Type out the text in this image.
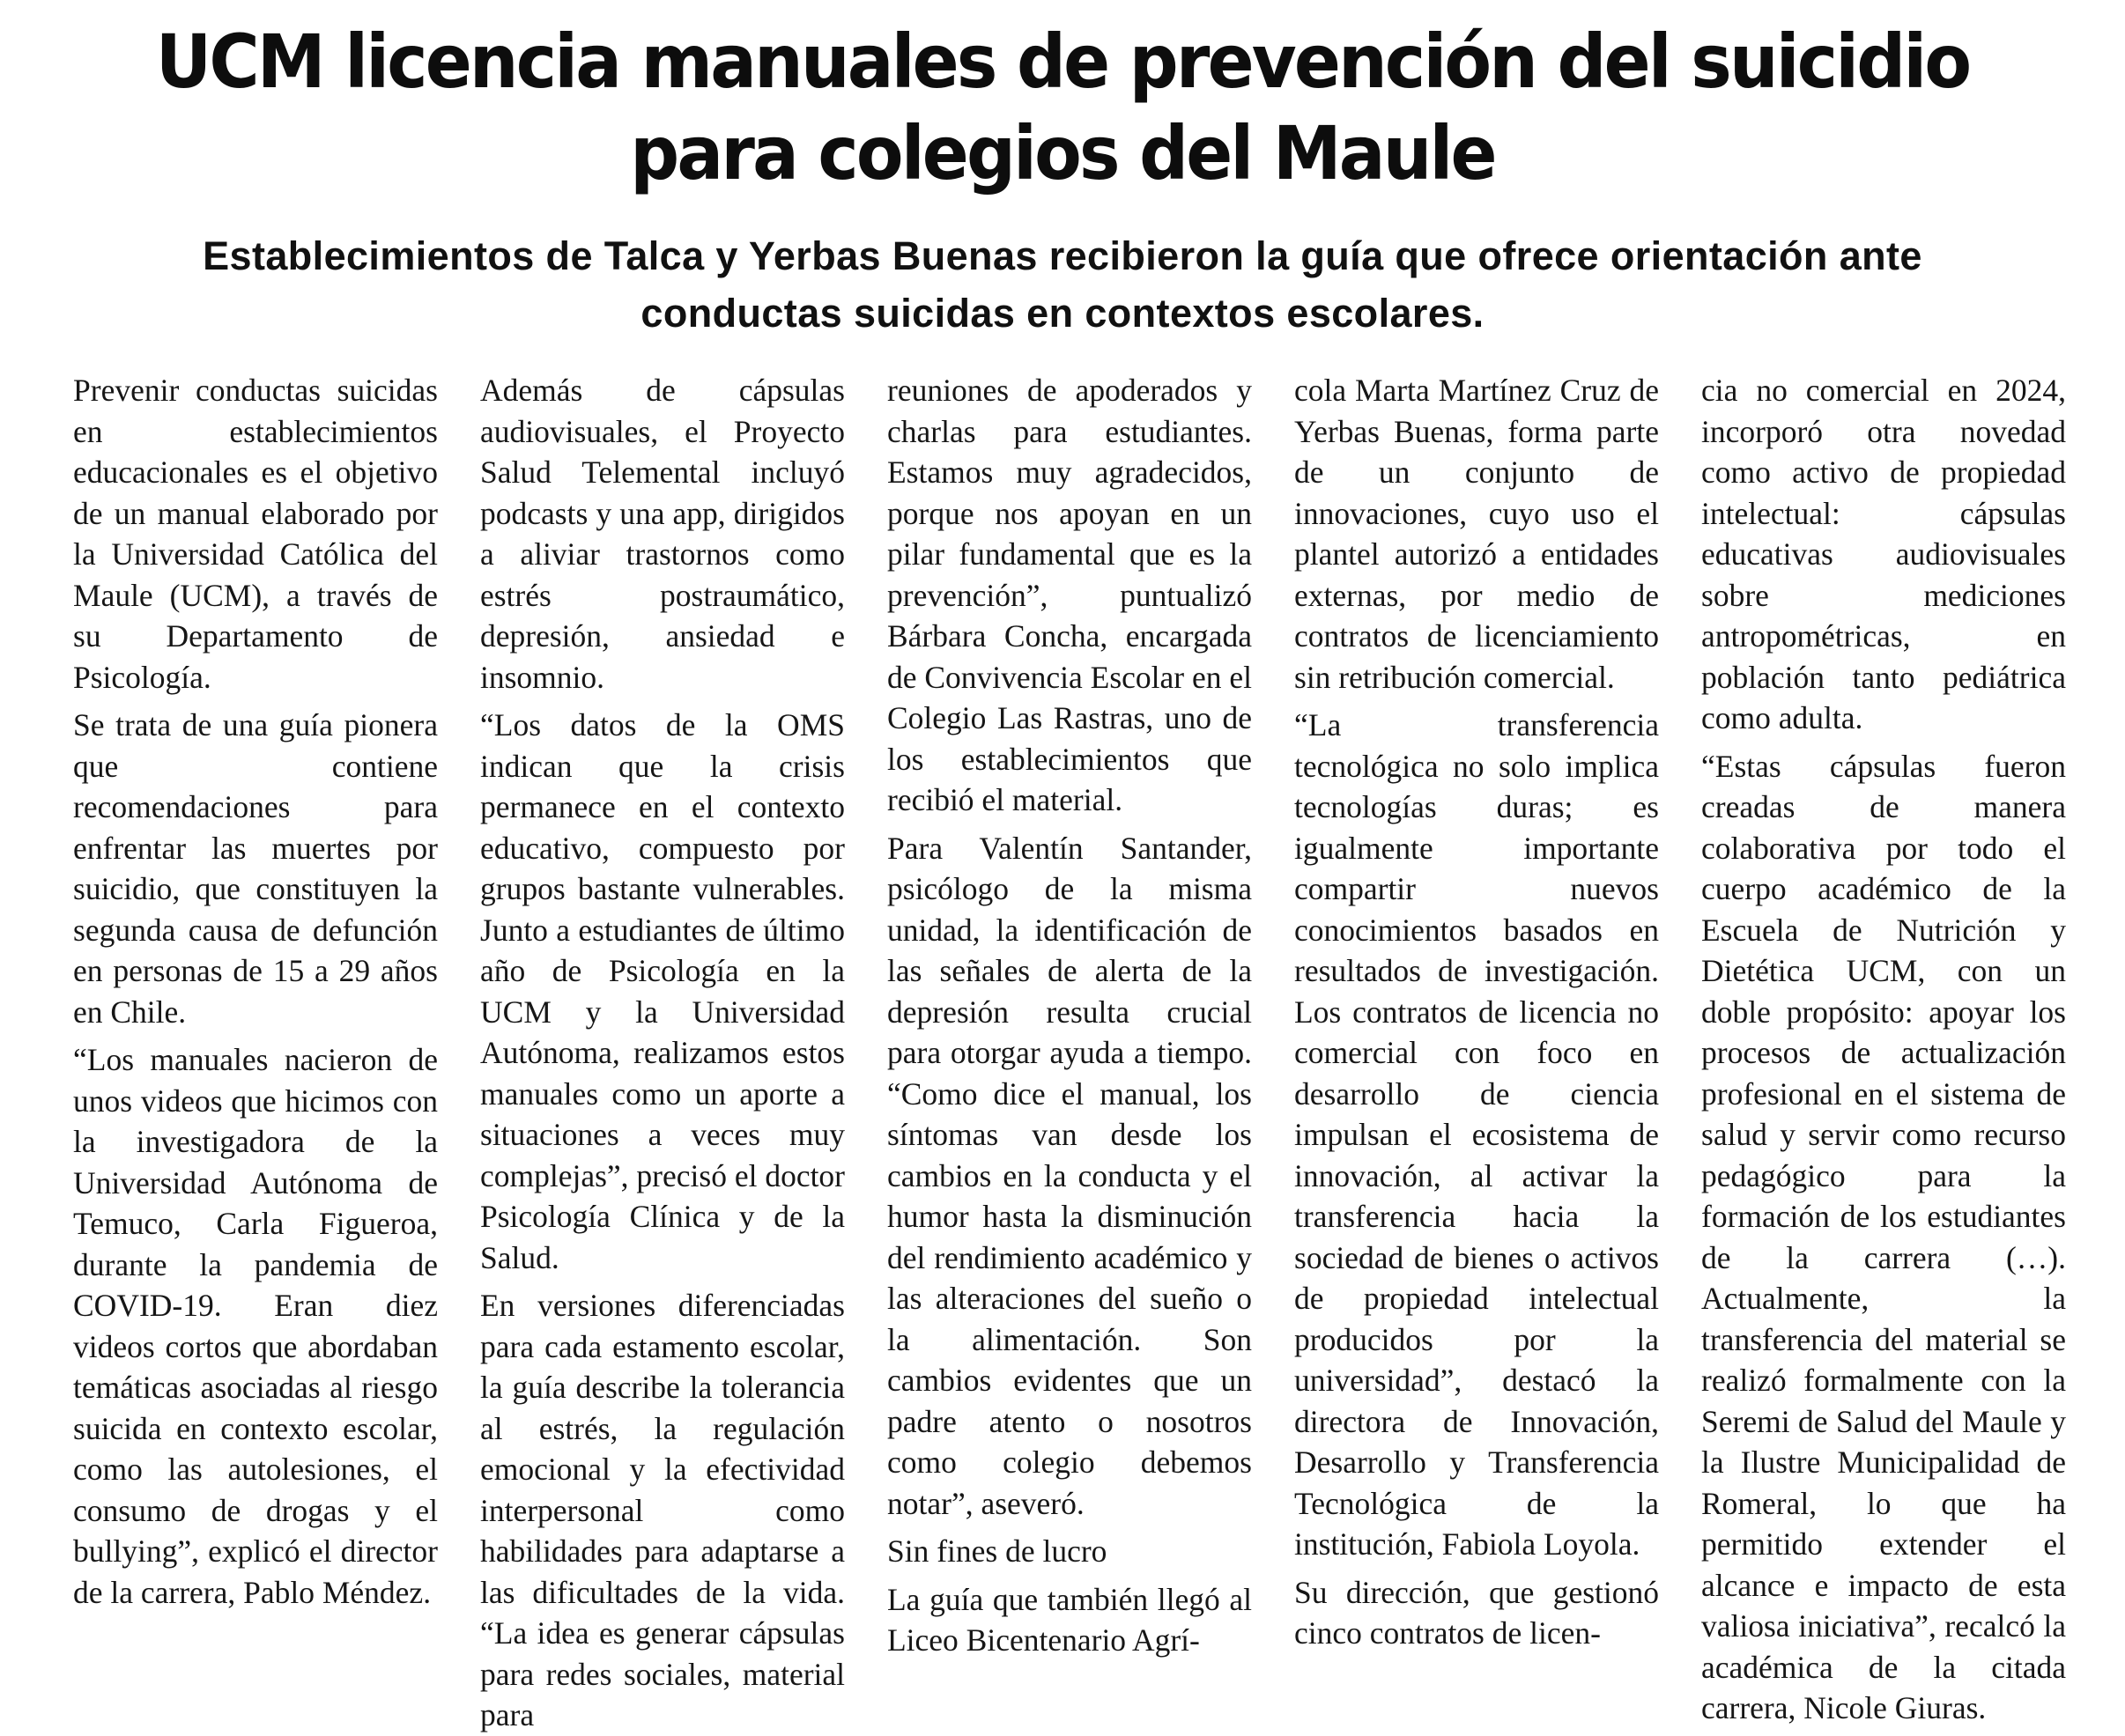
UCM licencia manuales de prevención del suicidio para colegios del Maule
Establecimientos de Talca y Yerbas Buenas recibieron la guía que ofrece orientación ante conductas suicidas en contextos escolares.

Prevenir conductas suicidas en establecimientos educacionales es el objetivo de un manual elaborado por la Universidad Católica del Maule (UCM), a través de su Departamento de Psicología.

Se trata de una guía pionera que contiene recomendaciones para enfrentar las muertes por suicidio, que constituyen la segunda causa de defunción en personas de 15 a 29 años en Chile.

“Los manuales nacieron de unos videos que hicimos con la investigadora de la Universidad Autónoma de Temuco, Carla Figueroa, durante la pandemia de COVID-19. Eran diez videos cortos que abordaban temáticas asociadas al riesgo suicida en contexto escolar, como las autolesiones, el consumo de drogas y el bullying”, explicó el director de la carrera, Pablo Méndez.

Además de cápsulas audiovisuales, el Proyecto Salud Telemental incluyó podcasts y una app, dirigidos a aliviar trastornos como estrés postraumático, depresión, ansiedad e insomnio.

“Los datos de la OMS indican que la crisis permanece en el contexto educativo, compuesto por grupos bastante vulnerables. Junto a estudiantes de último año de Psicología en la UCM y la Universidad Autónoma, realizamos estos manuales como un aporte a situaciones a veces muy complejas”, precisó el doctor Psicología Clínica y de la Salud.

En versiones diferenciadas para cada estamento escolar, la guía describe la tolerancia al estrés, la regulación emocional y la efectividad interpersonal como habilidades para adaptarse a las dificultades de la vida. “La idea es generar cápsulas para redes sociales, material para

reuniones de apoderados y charlas para estudiantes. Estamos muy agradecidos, porque nos apoyan en un pilar fundamental que es la prevención”, puntualizó Bárbara Concha, encargada de Convivencia Escolar en el Colegio Las Rastras, uno de los establecimientos que recibió el material.

Para Valentín Santander, psicólogo de la misma unidad, la identificación de las señales de alerta de la depresión resulta crucial para otorgar ayuda a tiempo. “Como dice el manual, los síntomas van desde los cambios en la conducta y el humor hasta la disminución del rendimiento académico y las alteraciones del sueño o la alimentación. Son cambios evidentes que un padre atento o nosotros como colegio debemos notar”, aseveró.

Sin fines de lucro

La guía que también llegó al Liceo Bicentenario Agrí-

cola Marta Martínez Cruz de Yerbas Buenas, forma parte de un conjunto de innovaciones, cuyo uso el plantel autorizó a entidades externas, por medio de contratos de licenciamiento sin retribución comercial.

“La transferencia tecnológica no solo implica tecnologías duras; es igualmente importante compartir nuevos conocimientos basados en resultados de investigación. Los contratos de licencia no comercial con foco en desarrollo de ciencia impulsan el ecosistema de innovación, al activar la transferencia hacia la sociedad de bienes o activos de propiedad intelectual producidos por la universidad”, destacó la directora de Innovación, Desarrollo y Transferencia Tecnológica de la institución, Fabiola Loyola.

Su dirección, que gestionó cinco contratos de licen-

cia no comercial en 2024, incorporó otra novedad como activo de propiedad intelectual: cápsulas educativas audiovisuales sobre mediciones antropométricas, en población tanto pediátrica como adulta.

“Estas cápsulas fueron creadas de manera colaborativa por todo el cuerpo académico de la Escuela de Nutrición y Dietética UCM, con un doble propósito: apoyar los procesos de actualización profesional en el sistema de salud y servir como recurso pedagógico para la formación de los estudiantes de la carrera (…). Actualmente, la transferencia del material se realizó formalmente con la Seremi de Salud del Maule y la Ilustre Municipalidad de Romeral, lo que ha permitido extender el alcance e impacto de esta valiosa iniciativa”, recalcó la académica de la citada carrera, Nicole Giuras.
